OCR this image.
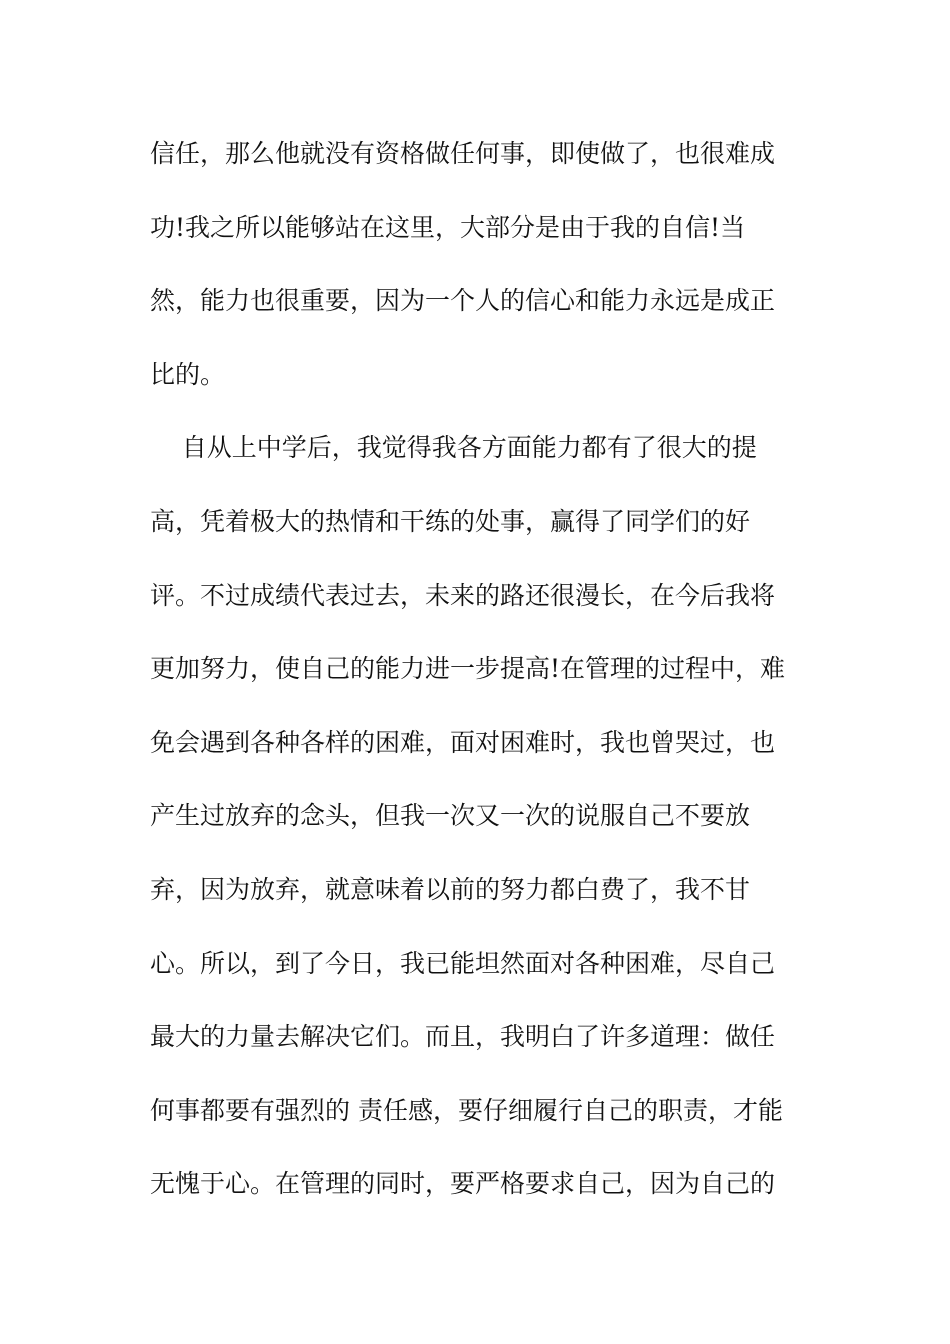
信任，那么他就没有资格做任何事，即使做了，也很难成
功!我之所以能够站在这里，大部分是由于我的自信!当
然，能力也很重要，因为一个人的信心和能力永远是成正
比的。
自从上中学后，我觉得我各方面能力都有了很大的提
高，凭着极大的热情和干练的处事，赢得了同学们的好
评。不过成绩代表过去，未来的路还很漫长，在今后我将
更加努力，使自己的能力进一步提高!在管理的过程中，难
免会遇到各种各样的困难，面对困难时，我也曾哭过，也
产生过放弃的念头，但我一次又一次的说服自己不要放
弃，因为放弃，就意味着以前的努力都白费了，我不甘
心。所以，到了今日，我已能坦然面对各种困难，尽自己
最大的力量去解决它们。而且，我明白了许多道理：做任
何事都要有强烈的 责任感，要仔细履行自己的职责，才能
无愧于心。在管理的同时，要严格要求自己，因为自己的
